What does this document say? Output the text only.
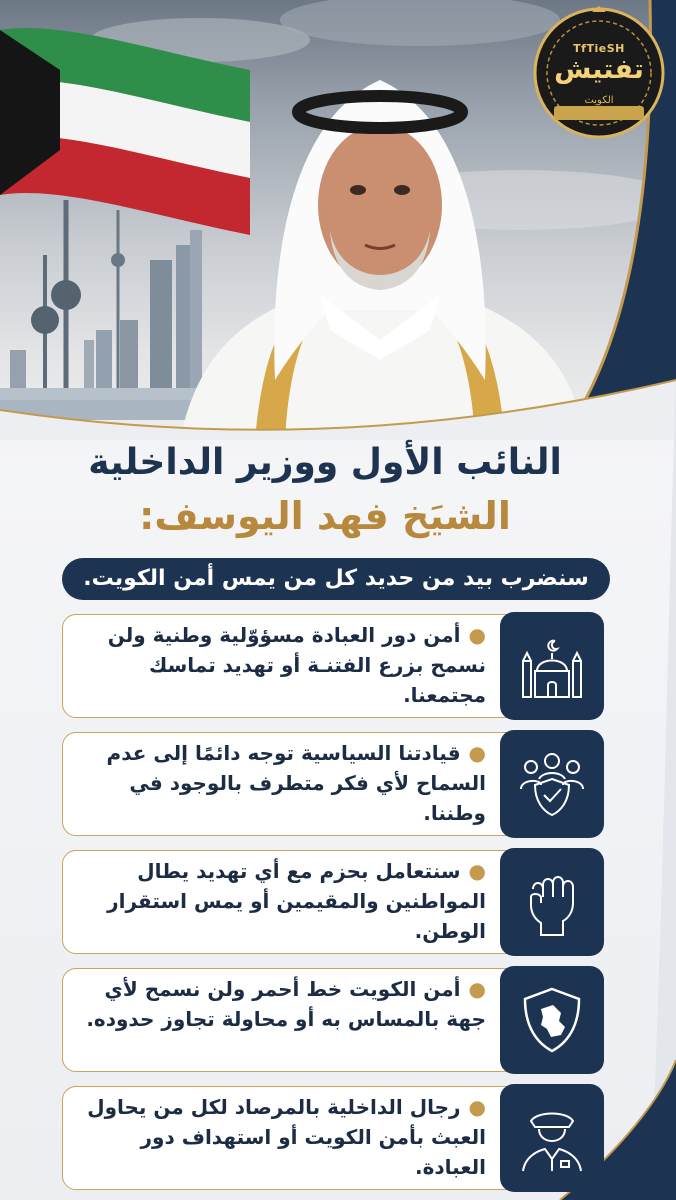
TfTieSH
تفتيش
الكويت
النائب الأول ووزير الداخلية
الشيَخ فهد اليوسف:
سنضرب بيد من حديد كل من يمس أمن الكويت.
●أمن دور العبادة مسؤوّلية وطنية ولن نسمح بزرع الفتنـة أو تهديد تماسك مجتمعنا.
●قيادتنا السياسية توجه دائمًا إلى عدم السماح لأي فكر متطرف بالوجود في وطننا.
●سنتعامل بحزم مع أي تهديد يطال المواطنين والمقيمين أو يمس استقرار الوطن.
●أمن الكويت خط أحمر ولن نسمح لأي جهة بالمساس به أو محاولة تجاوز حدوده.
●رجال الداخلية بالمرصاد لكل من يحاول العبث بأمن الكويت أو استهداف دور العبادة.
